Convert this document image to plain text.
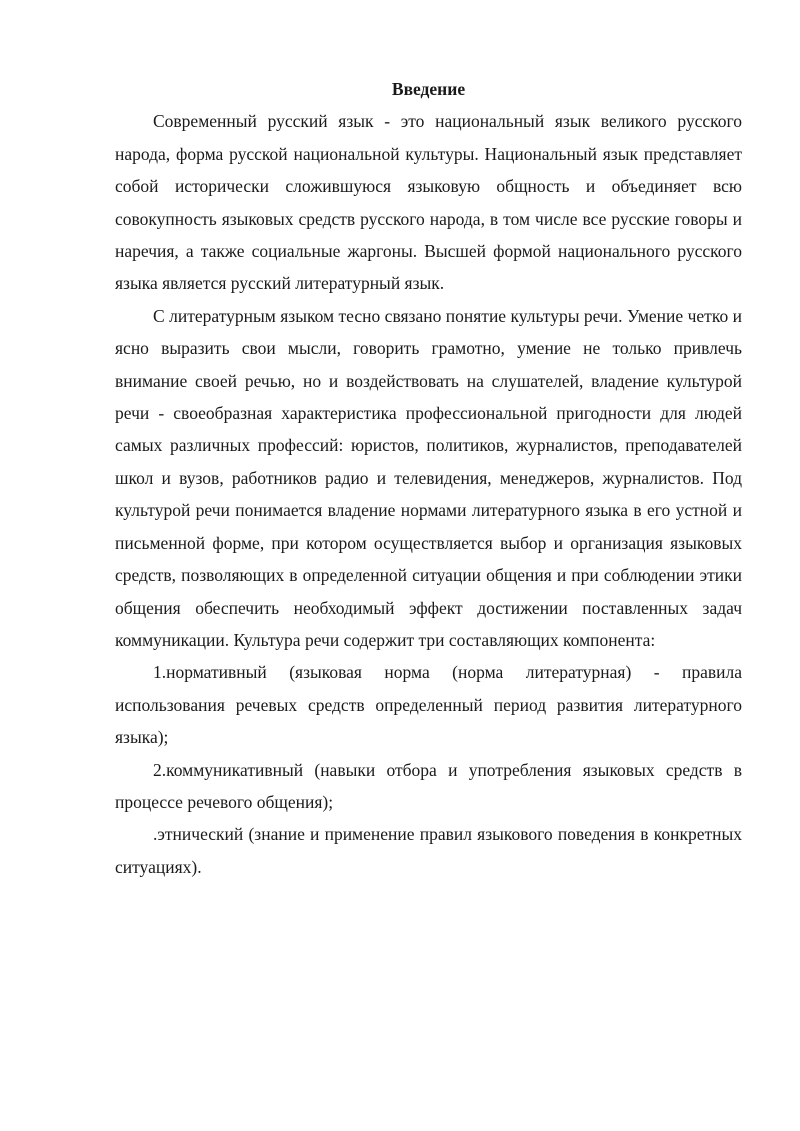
Введение

Современный русский язык - это национальный язык великого русского народа, форма русской национальной культуры. Национальный язык представляет собой исторически сложившуюся языковую общность и объединяет всю совокупность языковых средств русского народа, в том числе все русские говоры и наречия, а также социальные жаргоны. Высшей формой национального русского языка является русский литературный язык.

С литературным языком тесно связано понятие культуры речи. Умение четко и ясно выразить свои мысли, говорить грамотно, умение не только привлечь внимание своей речью, но и воздействовать на слушателей, владение культурой речи - своеобразная характеристика профессиональной пригодности для людей самых различных профессий: юристов, политиков, журналистов, преподавателей школ и вузов, работников радио и телевидения, менеджеров, журналистов. Под культурой речи понимается владение нормами литературного языка в его устной и письменной форме, при котором осуществляется выбор и организация языковых средств, позволяющих в определенной ситуации общения и при соблюдении этики общения обеспечить необходимый эффект достижении поставленных задач коммуникации. Культура речи содержит три составляющих компонента:

1.нормативный (языковая норма (норма литературная) - правила использования речевых средств определенный период развития литературного языка);

2.коммуникативный (навыки отбора и употребления языковых средств в процессе речевого общения);

.этнический (знание и применение правил языкового поведения в конкретных ситуациях).
